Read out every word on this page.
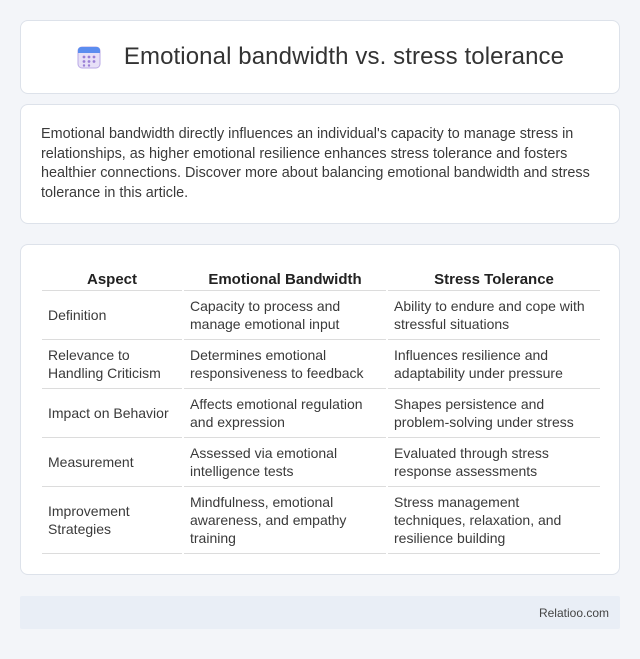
Emotional bandwidth vs. stress tolerance

Emotional bandwidth directly influences an individual's capacity to manage stress in relationships, as higher emotional resilience enhances stress tolerance and fosters healthier connections. Discover more about balancing emotional bandwidth and stress tolerance in this article.

Aspect	Emotional Bandwidth	Stress Tolerance
Definition	Capacity to process and manage emotional input	Ability to endure and cope with stressful situations
Relevance to Handling Criticism	Determines emotional responsiveness to feedback	Influences resilience and adaptability under pressure
Impact on Behavior	Affects emotional regulation and expression	Shapes persistence and problem-solving under stress
Measurement	Assessed via emotional intelligence tests	Evaluated through stress response assessments
Improvement Strategies	Mindfulness, emotional awareness, and empathy training	Stress management techniques, relaxation, and resilience building
Relatioo.com
